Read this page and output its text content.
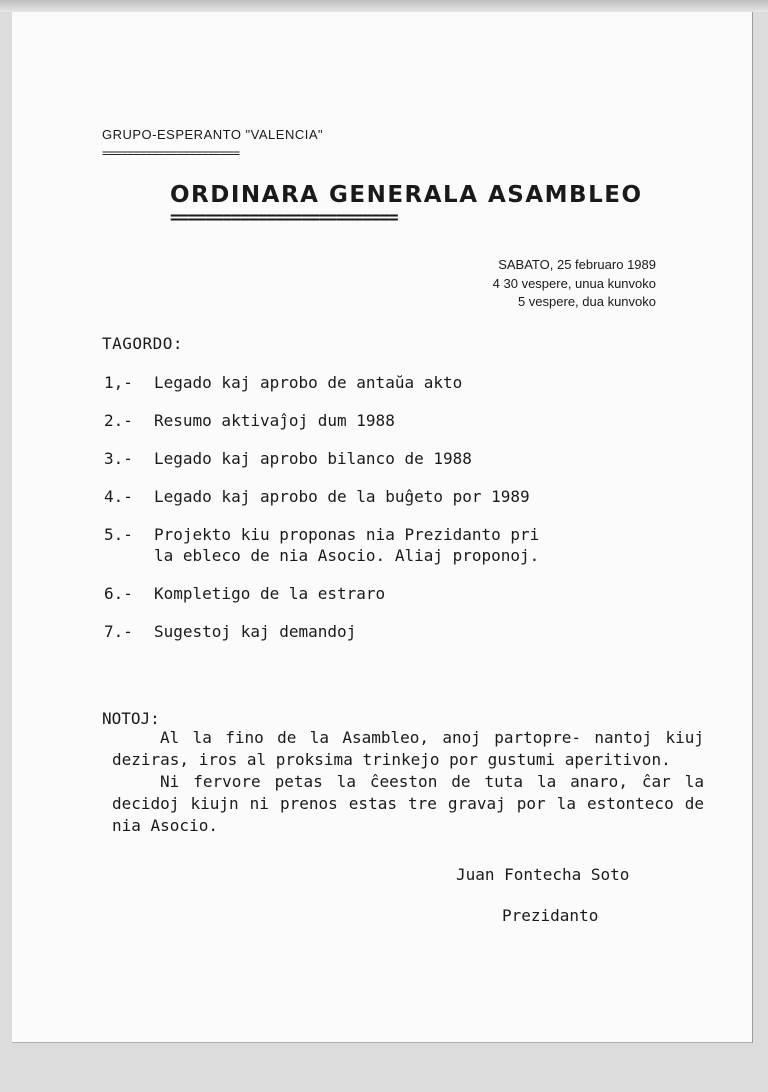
GRUPO-ESPERANTO "VALENCIA"
======================
ORDINARA GENERALA ASAMBLEO
==========================
SABATO, 25 februaro 1989
4 30 vespere, unua kunvoko
5 vespere, dua kunvoko
TAGORDO:
1,-	Legado kaj aprobo de antaŭa akto
2.-	Resumo aktivaĵoj dum 1988
3.-	Legado kaj aprobo bilanco de 1988
4.-	Legado kaj aprobo de la buĝeto por 1989
5.-	Projekto kiu proponas nia Prezidanto pri
la ebleco de nia Asocio. Aliaj proponoj.
6.-	Kompletigo de la estraro
7.-	Sugestoj kaj demandoj
NOTOJ:

Al la fino de la Asambleo, anoj partopre- nantoj kiuj deziras, iros al proksima trinkejo por gustumi aperitivon.

Ni fervore petas la ĉeeston de tuta la anaro, ĉar la decidoj kiujn ni prenos estas tre gravaj por la estonteco de nia Asocio.

Juan Fontecha Soto
Prezidanto
